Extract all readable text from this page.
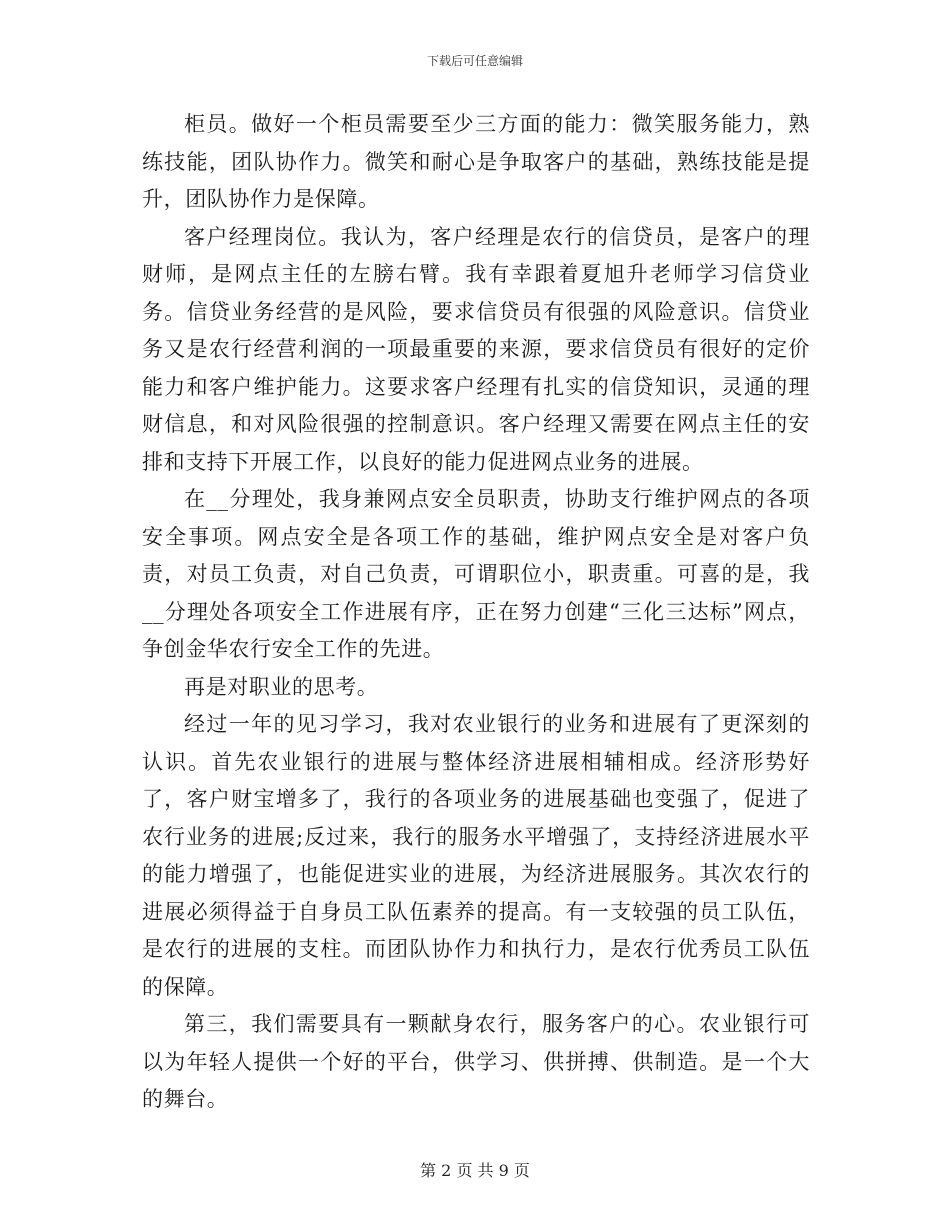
下载后可任意编辑

柜员。做好一个柜员需要至少三方面的能力：微笑服务能力，熟练技能，团队协作力。微笑和耐心是争取客户的基础，熟练技能是提升，团队协作力是保障。

客户经理岗位。我认为，客户经理是农行的信贷员，是客户的理财师，是网点主任的左膀右臂。我有幸跟着夏旭升老师学习信贷业务。信贷业务经营的是风险，要求信贷员有很强的风险意识。信贷业务又是农行经营利润的一项最重要的来源，要求信贷员有很好的定价能力和客户维护能力。这要求客户经理有扎实的信贷知识，灵通的理财信息，和对风险很强的控制意识。客户经理又需要在网点主任的安排和支持下开展工作，以良好的能力促进网点业务的进展。

在__分理处，我身兼网点安全员职责，协助支行维护网点的各项安全事项。网点安全是各项工作的基础，维护网点安全是对客户负责，对员工负责，对自己负责，可谓职位小，职责重。可喜的是，我__分理处各项安全工作进展有序，正在努力创建“三化三达标”网点，争创金华农行安全工作的先进。

再是对职业的思考。

经过一年的见习学习，我对农业银行的业务和进展有了更深刻的认识。首先农业银行的进展与整体经济进展相辅相成。经济形势好了，客户财宝增多了，我行的各项业务的进展基础也变强了，促进了农行业务的进展;反过来，我行的服务水平增强了，支持经济进展水平的能力增强了，也能促进实业的进展，为经济进展服务。其次农行的进展必须得益于自身员工队伍素养的提高。有一支较强的员工队伍，是农行的进展的支柱。而团队协作力和执行力，是农行优秀员工队伍的保障。

第三，我们需要具有一颗献身农行，服务客户的心。农业银行可以为年轻人提供一个好的平台，供学习、供拼搏、供制造。是一个大的舞台。

第 2 页 共 9 页
